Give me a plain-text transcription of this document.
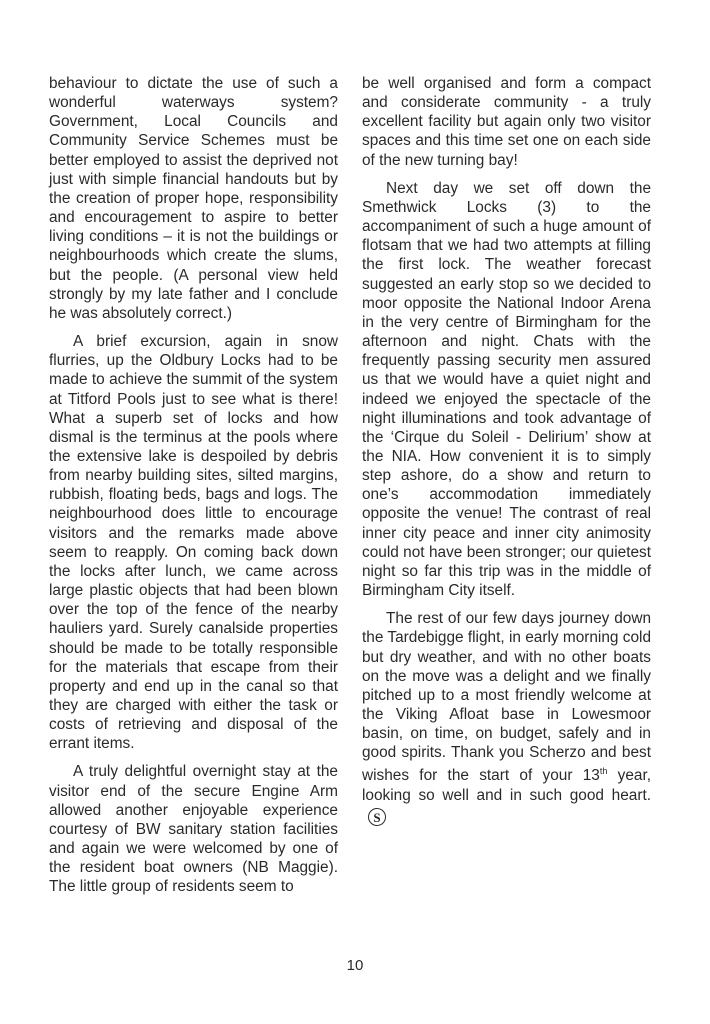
behaviour to dictate the use of such a wonderful waterways system? Government, Local Councils and Community Service Schemes must be better employed to assist the deprived not just with simple financial handouts but by the creation of proper hope, responsibility and encouragement to aspire to better living conditions – it is not the buildings or neighbourhoods which create the slums, but the people. (A personal view held strongly by my late father and I conclude he was absolutely correct.)

A brief excursion, again in snow flurries, up the Oldbury Locks had to be made to achieve the summit of the system at Titford Pools just to see what is there! What a superb set of locks and how dismal is the terminus at the pools where the extensive lake is despoiled by debris from nearby building sites, silted margins, rubbish, floating beds, bags and logs. The neighbourhood does little to encourage visitors and the remarks made above seem to reapply. On coming back down the locks after lunch, we came across large plastic objects that had been blown over the top of the fence of the nearby hauliers yard. Surely canalside properties should be made to be totally responsible for the materials that escape from their property and end up in the canal so that they are charged with either the task or costs of retrieving and disposal of the errant items.

A truly delightful overnight stay at the visitor end of the secure Engine Arm allowed another enjoyable experience courtesy of BW sanitary station facilities and again we were welcomed by one of the resident boat owners (NB Maggie). The little group of residents seem to

be well organised and form a compact and considerate community - a truly excellent facility but again only two visitor spaces and this time set one on each side of the new turning bay!

Next day we set off down the Smethwick Locks (3) to the accompaniment of such a huge amount of flotsam that we had two attempts at filling the first lock. The weather forecast suggested an early stop so we decided to moor opposite the National Indoor Arena in the very centre of Birmingham for the afternoon and night. Chats with the frequently passing security men assured us that we would have a quiet night and indeed we enjoyed the spectacle of the night illuminations and took advantage of the ‘Cirque du Soleil - Delirium’ show at the NIA. How convenient it is to simply step ashore, do a show and return to one’s accommodation immediately opposite the venue! The contrast of real inner city peace and inner city animosity could not have been stronger; our quietest night so far this trip was in the middle of Birmingham City itself.

The rest of our few days journey down the Tardebigge flight, in early morning cold but dry weather, and with no other boats on the move was a delight and we finally pitched up to a most friendly welcome at the Viking Afloat base in Lowesmoor basin, on time, on budget, safely and in good spirits. Thank you Scherzo and best wishes for the start of your 13th year, looking so well and in such good heart.S

10
